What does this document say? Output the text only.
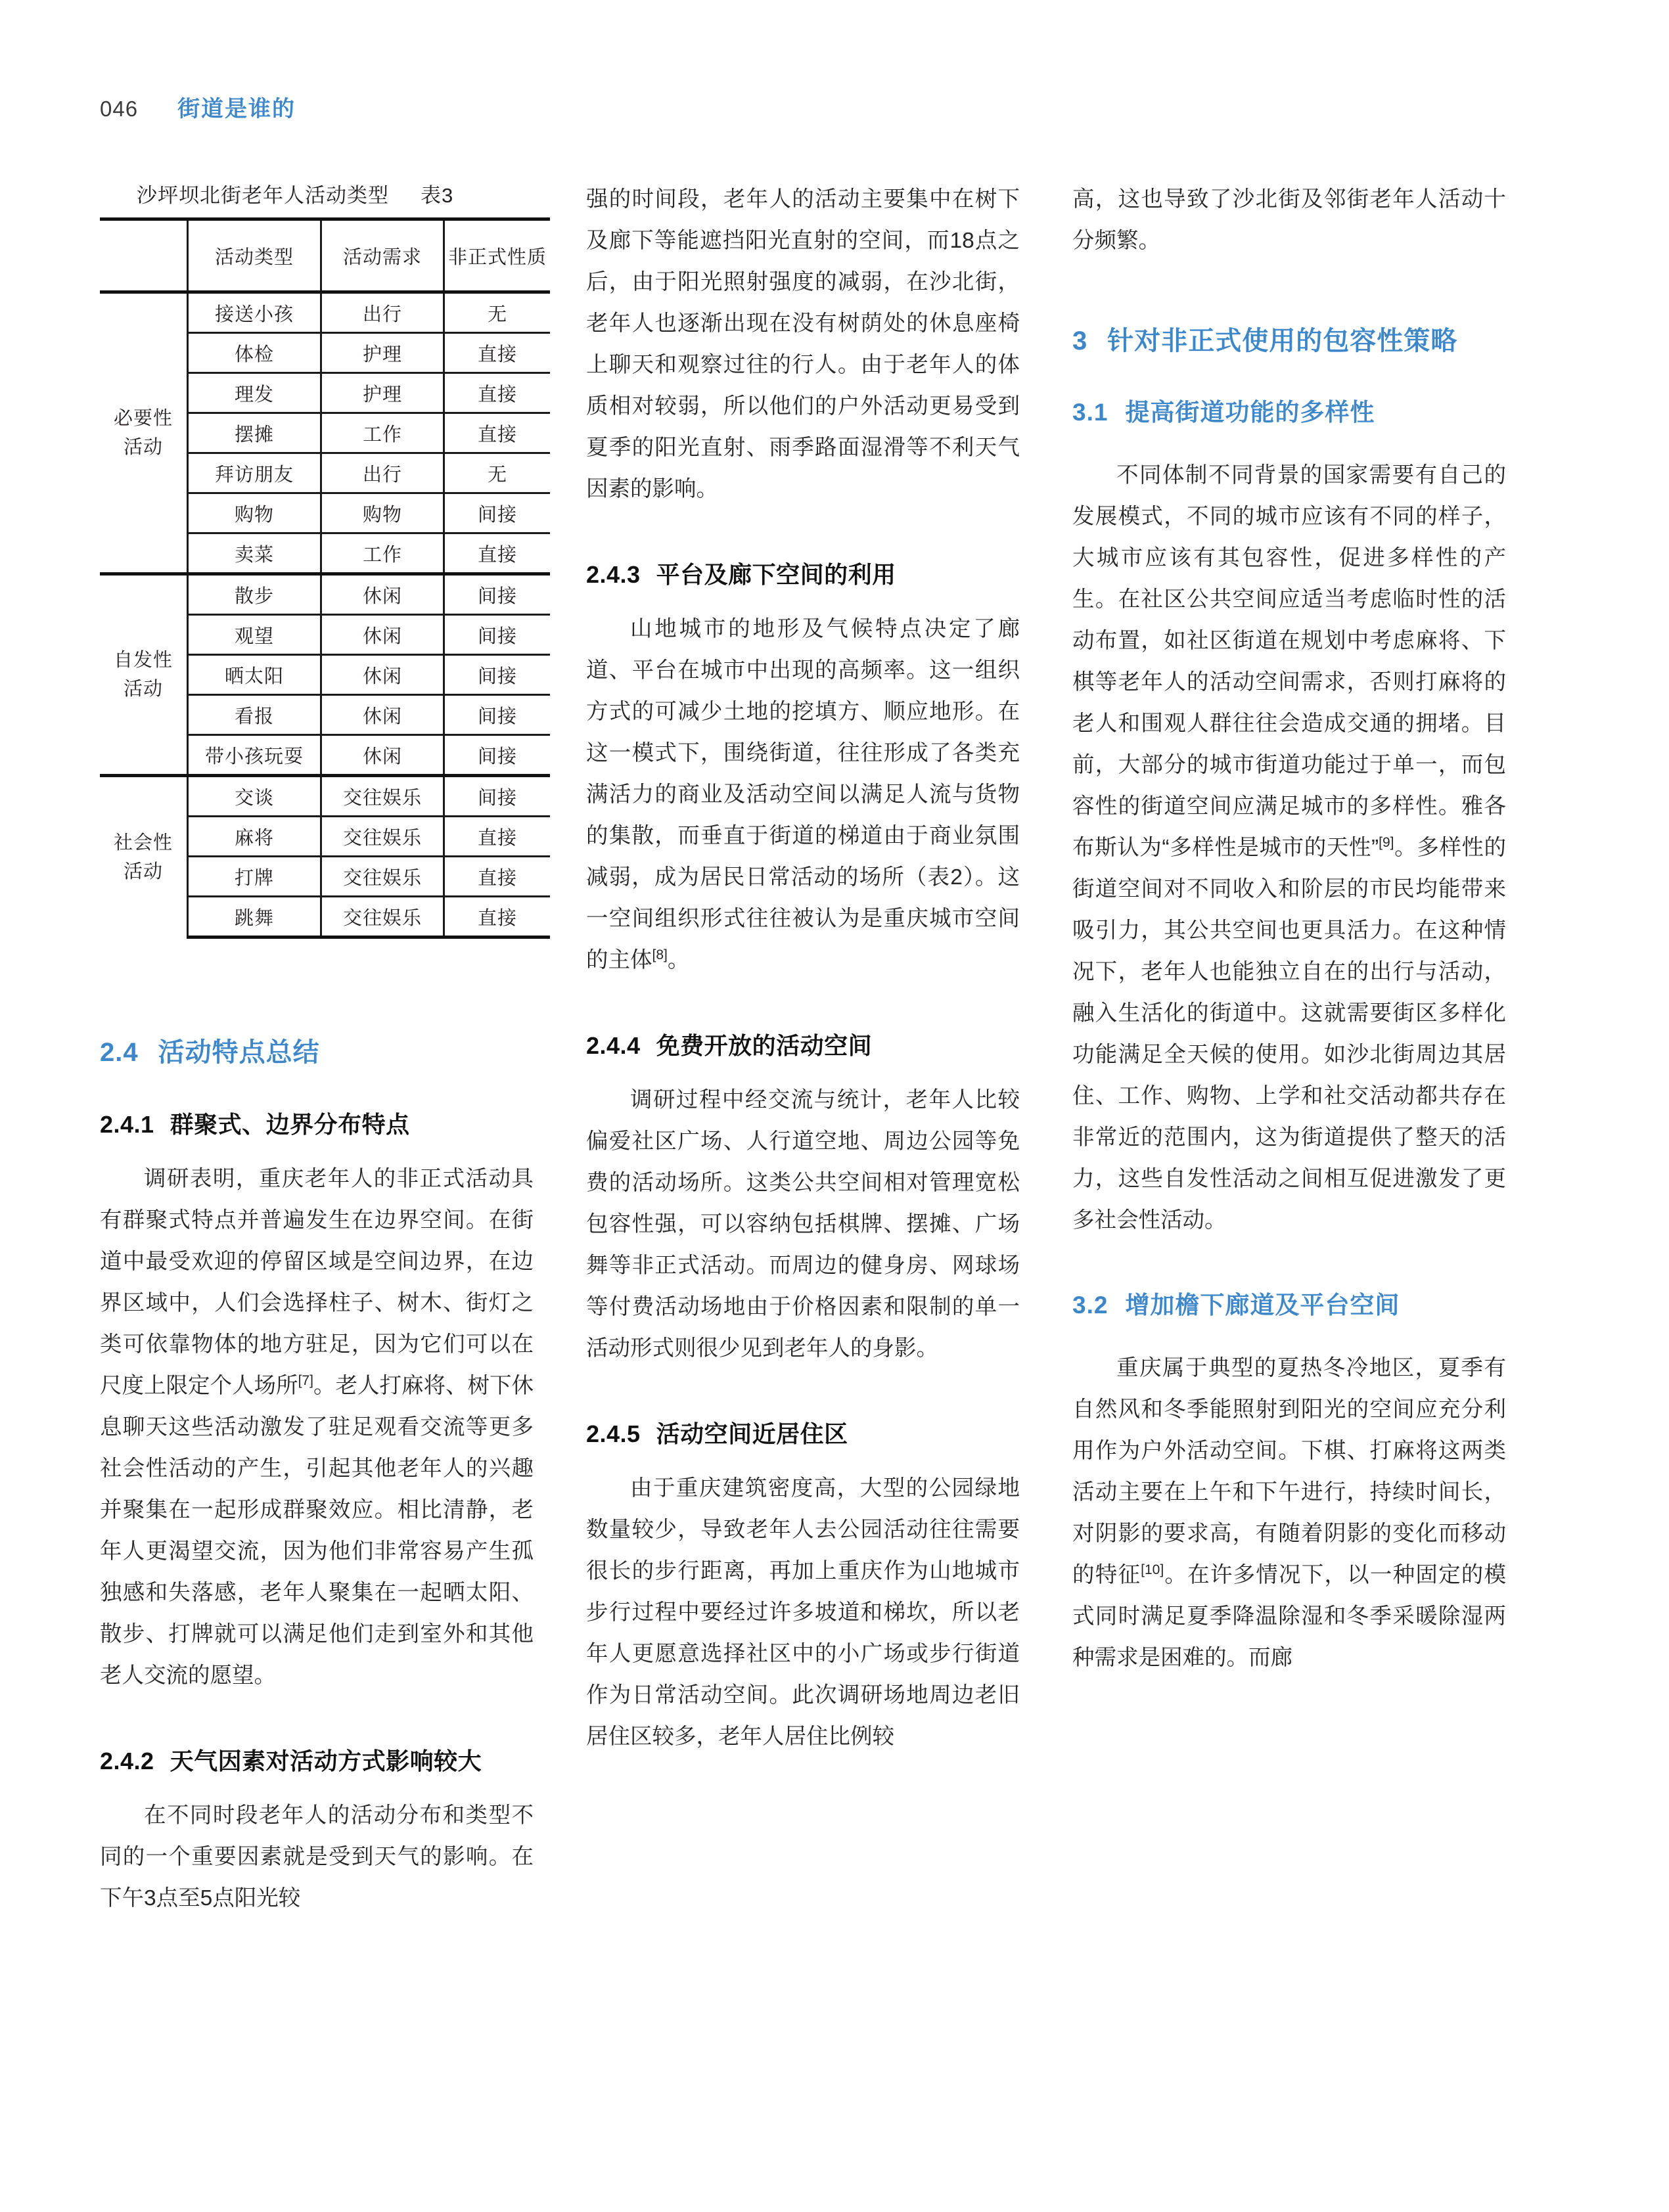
046 街道是谁的
沙坪坝北街老年人活动类型 表3
	活动类型	活动需求	非正式性质
必要性
活动	接送小孩	出行	无
	体检	护理	直接
	理发	护理	直接
	摆摊	工作	直接
	拜访朋友	出行	无
	购物	购物	间接
	卖菜	工作	直接
自发性
活动	散步	休闲	间接
	观望	休闲	间接
	晒太阳	休闲	间接
	看报	休闲	间接
	带小孩玩耍	休闲	间接
社会性
活动	交谈	交往娱乐	间接
	麻将	交往娱乐	直接
	打牌	交往娱乐	直接
	跳舞	交往娱乐	直接
2.4 活动特点总结
2.4.1 群聚式、边界分布特点

调研表明，重庆老年人的非正式活动具有群聚式特点并普遍发生在边界空间。在街道中最受欢迎的停留区域是空间边界，在边界区域中，人们会选择柱子、树木、街灯之类可依靠物体的地方驻足，因为它们可以在尺度上限定个人场所[7]。老人打麻将、树下休息聊天这些活动激发了驻足观看交流等更多社会性活动的产生，引起其他老年人的兴趣并聚集在一起形成群聚效应。相比清静，老年人更渴望交流，因为他们非常容易产生孤独感和失落感，老年人聚集在一起晒太阳、散步、打牌就可以满足他们走到室外和其他老人交流的愿望。

2.4.2 天气因素对活动方式影响较大

在不同时段老年人的活动分布和类型不同的一个重要因素就是受到天气的影响。在下午3点至5点阳光较

强的时间段，老年人的活动主要集中在树下及廊下等能遮挡阳光直射的空间，而18点之后，由于阳光照射强度的减弱，在沙北街，老年人也逐渐出现在没有树荫处的休息座椅上聊天和观察过往的行人。由于老年人的体质相对较弱，所以他们的户外活动更易受到夏季的阳光直射、雨季路面湿滑等不利天气因素的影响。

2.4.3 平台及廊下空间的利用

山地城市的地形及气候特点决定了廊道、平台在城市中出现的高频率。这一组织方式的可减少土地的挖填方、顺应地形。在这一模式下，围绕街道，往往形成了各类充满活力的商业及活动空间以满足人流与货物的集散，而垂直于街道的梯道由于商业氛围减弱，成为居民日常活动的场所（表2）。这一空间组织形式往往被认为是重庆城市空间的主体[8]。

2.4.4 免费开放的活动空间

调研过程中经交流与统计，老年人比较偏爱社区广场、人行道空地、周边公园等免费的活动场所。这类公共空间相对管理宽松包容性强，可以容纳包括棋牌、摆摊、广场舞等非正式活动。而周边的健身房、网球场等付费活动场地由于价格因素和限制的单一活动形式则很少见到老年人的身影。

2.4.5 活动空间近居住区

由于重庆建筑密度高，大型的公园绿地数量较少，导致老年人去公园活动往往需要很长的步行距离，再加上重庆作为山地城市步行过程中要经过许多坡道和梯坎，所以老年人更愿意选择社区中的小广场或步行街道作为日常活动空间。此次调研场地周边老旧居住区较多，老年人居住比例较

高，这也导致了沙北街及邻街老年人活动十分频繁。

3 针对非正式使用的包容性策略
3.1 提高街道功能的多样性

不同体制不同背景的国家需要有自己的发展模式，不同的城市应该有不同的样子，大城市应该有其包容性，促进多样性的产生。在社区公共空间应适当考虑临时性的活动布置，如社区街道在规划中考虑麻将、下棋等老年人的活动空间需求，否则打麻将的老人和围观人群往往会造成交通的拥堵。目前，大部分的城市街道功能过于单一，而包容性的街道空间应满足城市的多样性。雅各布斯认为“多样性是城市的天性”[9]。多样性的街道空间对不同收入和阶层的市民均能带来吸引力，其公共空间也更具活力。在这种情况下，老年人也能独立自在的出行与活动，融入生活化的街道中。这就需要街区多样化功能满足全天候的使用。如沙北街周边其居住、工作、购物、上学和社交活动都共存在非常近的范围内，这为街道提供了整天的活力，这些自发性活动之间相互促进激发了更多社会性活动。

3.2 增加檐下廊道及平台空间

重庆属于典型的夏热冬冷地区，夏季有自然风和冬季能照射到阳光的空间应充分利用作为户外活动空间。下棋、打麻将这两类活动主要在上午和下午进行，持续时间长，对阴影的要求高，有随着阴影的变化而移动的特征[10]。在许多情况下，以一种固定的模式同时满足夏季降温除湿和冬季采暖除湿两种需求是困难的。而廊
